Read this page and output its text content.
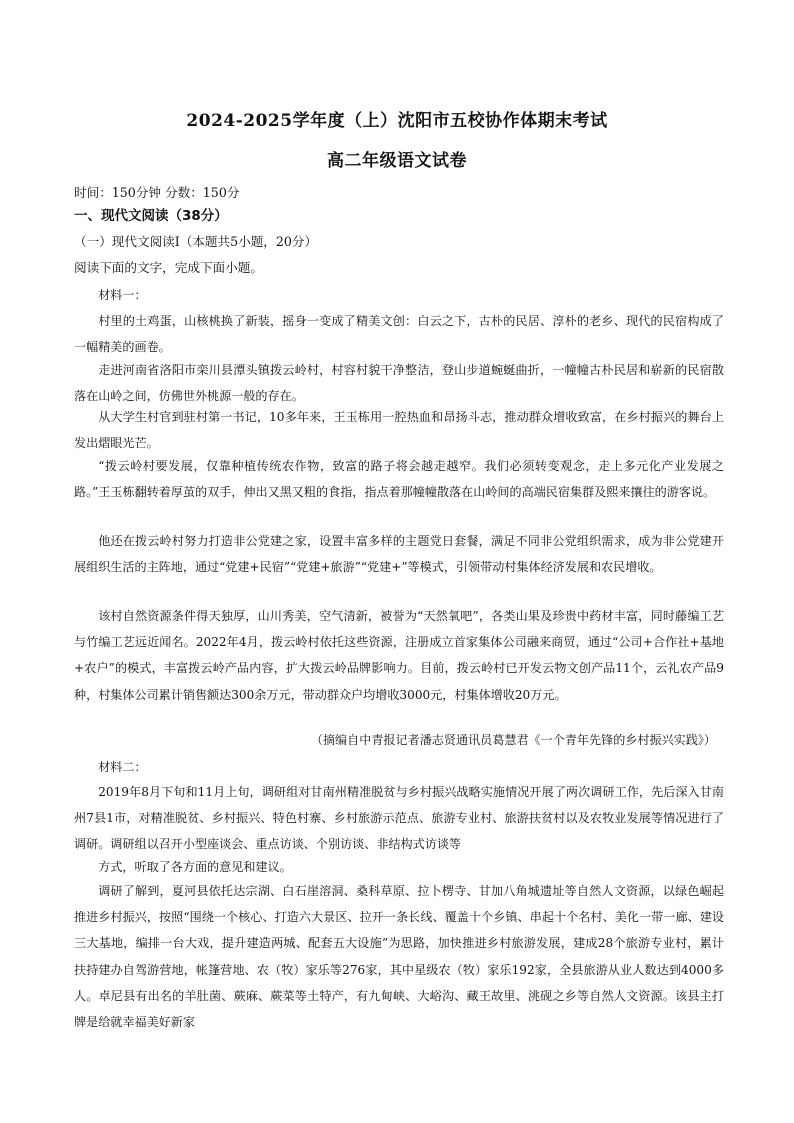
2024-2025学年度（上）沈阳市五校协作体期末考试
高二年级语文试卷
时间：150分钟 分数：150分
一、现代文阅读（38分）
（一）现代文阅读Ⅰ（本题共5小题，20分）
阅读下面的文字，完成下面小题。
材料一：

村里的土鸡蛋，山核桃换了新装，摇身一变成了精美文创：白云之下，古朴的民居、淳朴的老乡、现代的民宿构成了一幅精美的画卷。

走进河南省洛阳市栾川县潭头镇拨云岭村，村容村貌干净整洁，登山步道蜿蜒曲折，一幢幢古朴民居和崭新的民宿散落在山岭之间，仿佛世外桃源一般的存在。

从大学生村官到驻村第一书记，10多年来，王玉栋用一腔热血和昂扬斗志，推动群众增收致富，在乡村振兴的舞台上发出熠眼光芒。

“拨云岭村要发展，仅靠种植传统农作物，致富的路子将会越走越窄。我们必须转变观念，走上多元化产业发展之路。”王玉栋翻转着厚茧的双手，伸出又黑又粗的食指，指点着那幢幢散落在山岭间的高端民宿集群及熙来攘往的游客说。

他还在拨云岭村努力打造非公党建之家，设置丰富多样的主题党日套餐，满足不同非公党组织需求，成为非公党建开展组织生活的主阵地，通过“党建+民宿”“党建+旅游”“党建+”等模式，引领带动村集体经济发展和农民增收。

该村自然资源条件得天独厚，山川秀美，空气清新，被誉为“天然氧吧”，各类山果及珍贵中药材丰富，同时藤编工艺与竹编工艺远近闻名。2022年4月，拨云岭村依托这些资源，注册成立首家集体公司融来商贸，通过“公司+合作社+基地+农户”的模式，丰富拨云岭产品内容，扩大拨云岭品牌影响力。目前，拨云岭村已开发云物文创产品11个，云礼农产品9种，村集体公司累计销售额达300余万元，带动群众户均增收3000元，村集体增收20万元。

（摘编自中青报记者潘志贤通讯员葛慧君《一个青年先锋的乡村振兴实践》）
材料二：

2019年8月下旬和11月上旬，调研组对甘南州精准脱贫与乡村振兴战略实施情况开展了两次调研工作，先后深入甘南州7县1市，对精准脱贫、乡村振兴、特色村寨、乡村旅游示范点、旅游专业村、旅游扶贫村以及农牧业发展等情况进行了调研。调研组以召开小型座谈会、重点访谈、个别访谈、非结构式访谈等

方式，听取了各方面的意见和建议。

调研了解到，夏河县依托达宗湖、白石崖溶洞、桑科草原、拉卜楞寺、甘加八角城遗址等自然人文资源，以绿色崛起推进乡村振兴，按照“围绕一个核心、打造六大景区、拉开一条长线、覆盖十个乡镇、串起十个名村、美化一带一廊、建设三大基地，编排一台大戏，提升建造两城、配套五大设施”为思路，加快推进乡村旅游发展，建成28个旅游专业村，累计扶持建办自驾游营地，帐篷营地、农（牧）家乐等276家，其中星级农（牧）家乐192家，全县旅游从业人数达到4000多人。卓尼县有出名的羊肚菌、蕨麻、蕨菜等土特产，有九甸峡、大峪沟、藏王故里、洮砚之乡等自然人文资源。该县主打牌是给就幸福美好新家
